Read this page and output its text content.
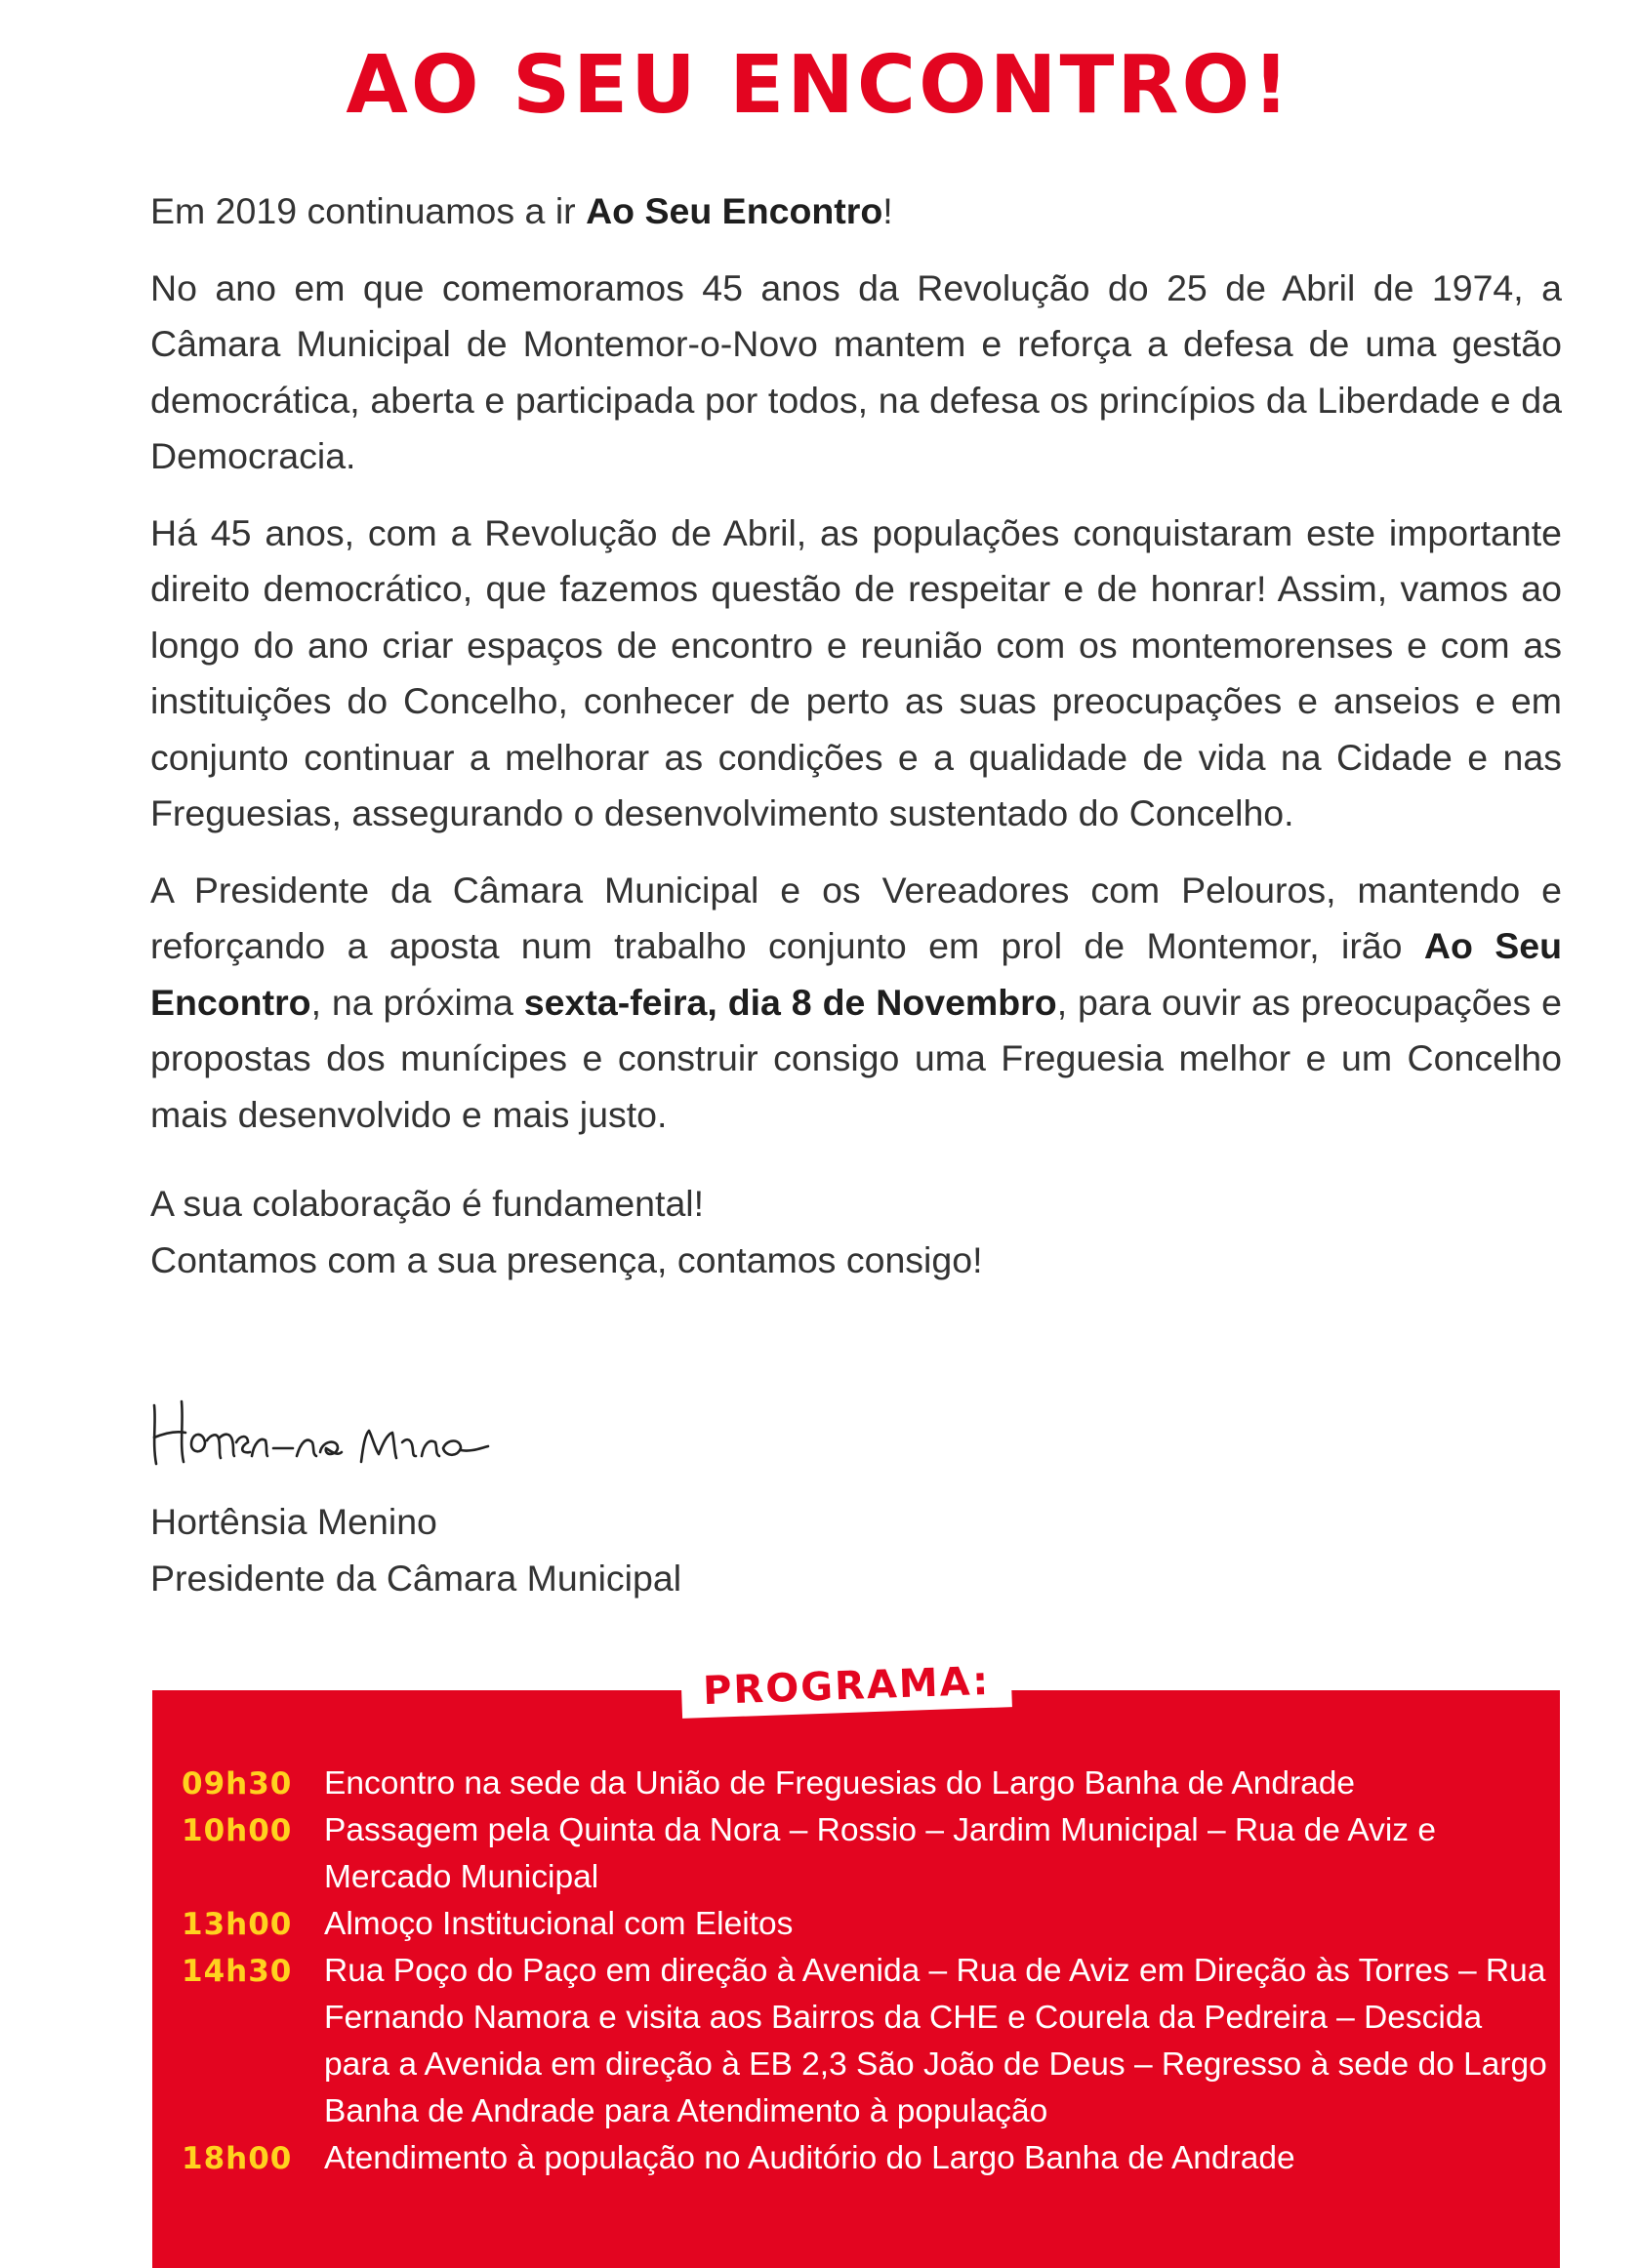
AO SEU ENCONTRO!

Em 2019 continuamos a ir Ao Seu Encontro!

No ano em que comemoramos 45 anos da Revolução do 25 de Abril de 1974, a Câmara Municipal de Montemor-o-Novo mantem e reforça a defesa de uma gestão democrática, aberta e participada por todos, na defesa os princípios da Liberdade e da Democracia.

Há 45 anos, com a Revolução de Abril, as populações conquistaram este importante direito democrático, que fazemos questão de respeitar e de honrar! Assim, vamos ao longo do ano criar espaços de encontro e reunião com os montemorenses e com as instituições do Concelho, conhecer de perto as suas preocupações e anseios e em conjunto continuar a melhorar as condições e a qualidade de vida na Cidade e nas Freguesias, assegurando o desenvolvimento sustentado do Concelho.

A Presidente da Câmara Municipal e os Vereadores com Pelouros, mantendo e reforçando a aposta num trabalho conjunto em prol de Montemor, irão Ao Seu Encontro, na próxima sexta-feira, dia 8 de Novembro, para ouvir as preocupações e propostas dos munícipes e construir consigo uma Freguesia melhor e um Concelho mais desenvolvido e mais justo.

A sua colaboração é fundamental!
Contamos com a sua presença, contamos consigo!

Hortênsia Menino
Presidente da Câmara Municipal
PROGRAMA:
09h30 Encontro na sede da União de Freguesias do Largo Banha de Andrade
10h00 Passagem pela Quinta da Nora – Rossio – Jardim Municipal – Rua de Aviz e Mercado Municipal
13h00 Almoço Institucional com Eleitos
14h30 Rua Poço do Paço em direção à Avenida – Rua de Aviz em Direção às Torres – Rua Fernando Namora e visita aos Bairros da CHE e Courela da Pedreira – Descida para a Avenida em direção à EB 2,3 São João de Deus – Regresso à sede do Largo Banha de Andrade para Atendimento à população
18h00 Atendimento à população no Auditório do Largo Banha de Andrade
